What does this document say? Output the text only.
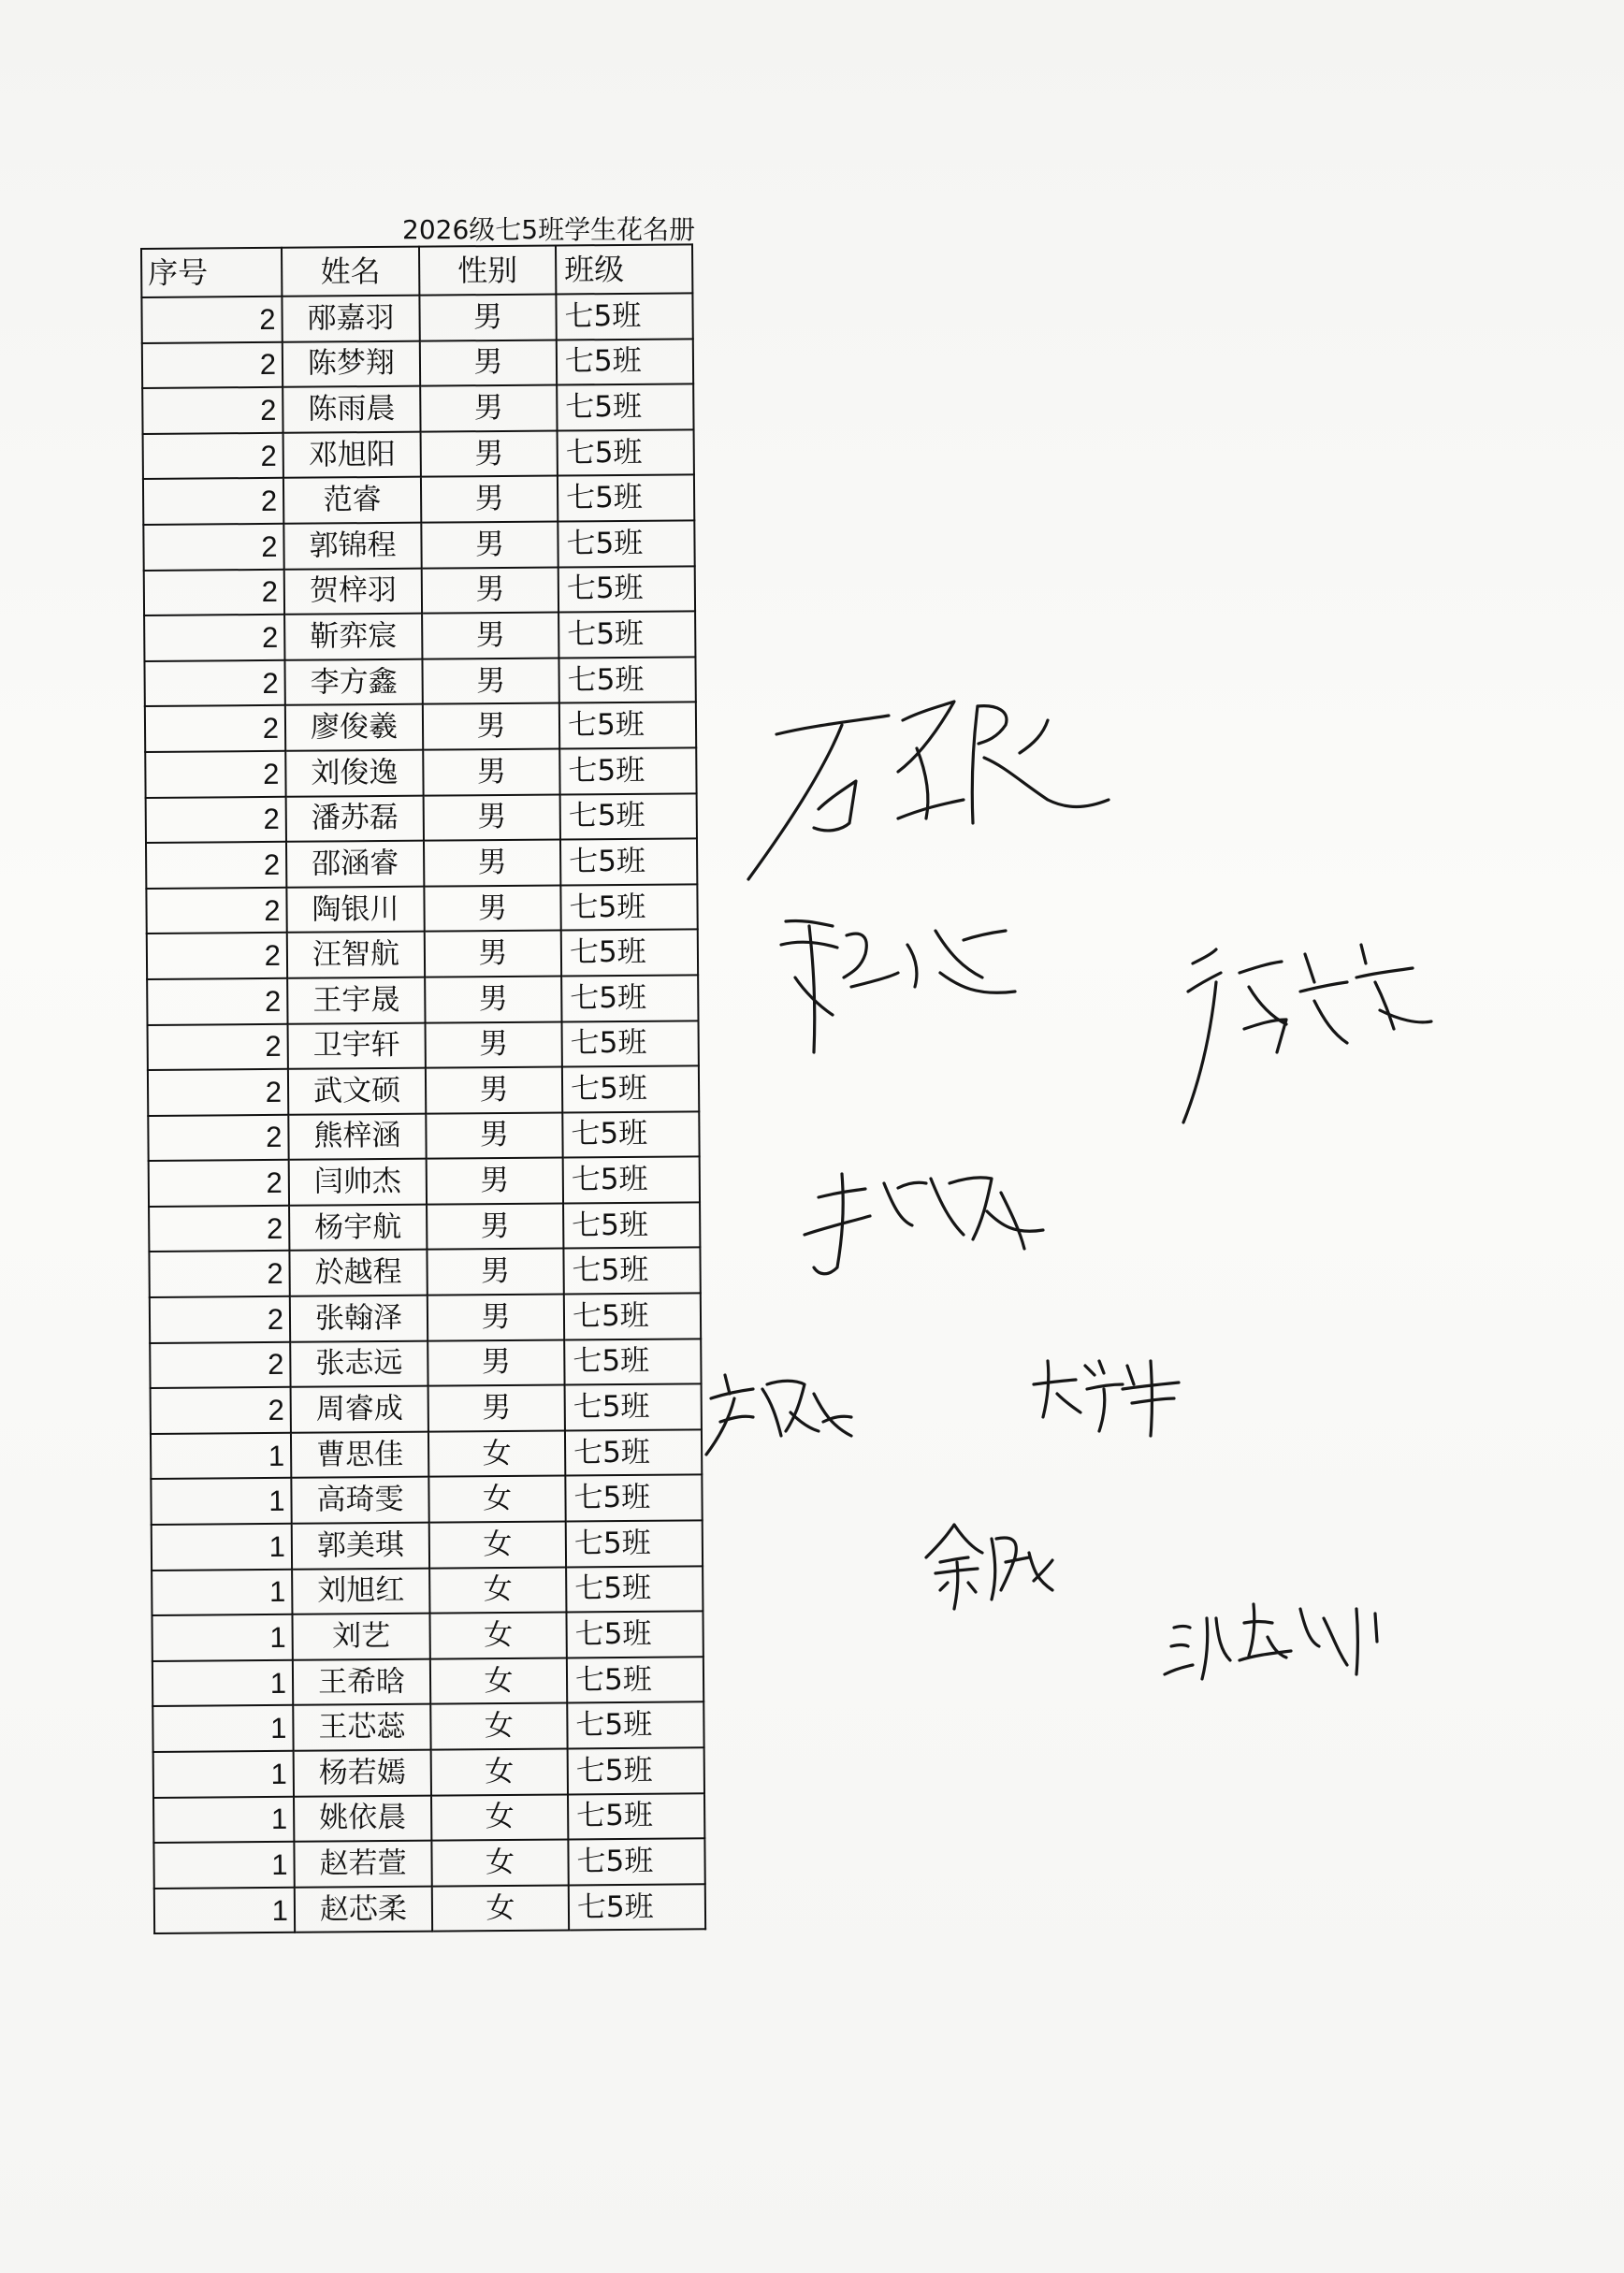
2026级七5班学生花名册
序号	姓名	性别	班级
2	邴嘉羽	男	七5班
2	陈梦翔	男	七5班
2	陈雨晨	男	七5班
2	邓旭阳	男	七5班
2	范睿	男	七5班
2	郭锦程	男	七5班
2	贺梓羽	男	七5班
2	靳弈宸	男	七5班
2	李方鑫	男	七5班
2	廖俊羲	男	七5班
2	刘俊逸	男	七5班
2	潘苏磊	男	七5班
2	邵涵睿	男	七5班
2	陶银川	男	七5班
2	汪智航	男	七5班
2	王宇晟	男	七5班
2	卫宇轩	男	七5班
2	武文硕	男	七5班
2	熊梓涵	男	七5班
2	闫帅杰	男	七5班
2	杨宇航	男	七5班
2	於越程	男	七5班
2	张翰泽	男	七5班
2	张志远	男	七5班
2	周睿成	男	七5班
1	曹思佳	女	七5班
1	高琦雯	女	七5班
1	郭美琪	女	七5班
1	刘旭红	女	七5班
1	刘艺	女	七5班
1	王希晗	女	七5班
1	王芯蕊	女	七5班
1	杨若嫣	女	七5班
1	姚依晨	女	七5班
1	赵若萱	女	七5班
1	赵芯柔	女	七5班
